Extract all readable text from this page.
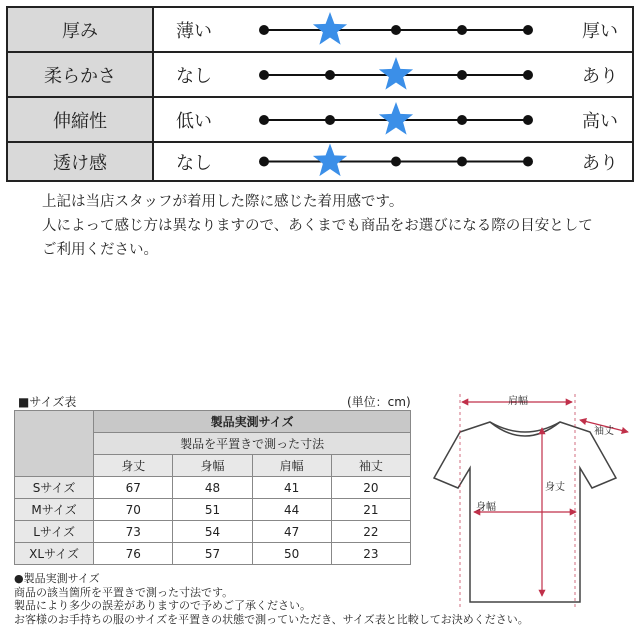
厚み	薄い	厚い
柔らかさ	なし	あり
伸縮性	低い	高い
透け感	なし	あり
上記は当店スタッフが着用した際に感じた着用感です。
人によって感じ方は異なりますので、あくまでも商品をお選びになる際の目安として
ご利用ください。
■サイズ表	(単位：cm)
	製品実測サイズ			
	製品を平置きで測った寸法			
	身丈	身幅	肩幅	袖丈
Sサイズ	67	48	41	20
Mサイズ	70	51	44	21
Lサイズ	73	54	47	22
XLサイズ	76	57	50	23
●製品実測サイズ
商品の該当箇所を平置きで測った寸法です。
製品により多少の誤差がありますので予めご了承ください。
お客様のお手持ちの服のサイズを平置きの状態で測っていただき、サイズ表と比較してお決めください。
肩幅
袖丈
身丈
身幅
